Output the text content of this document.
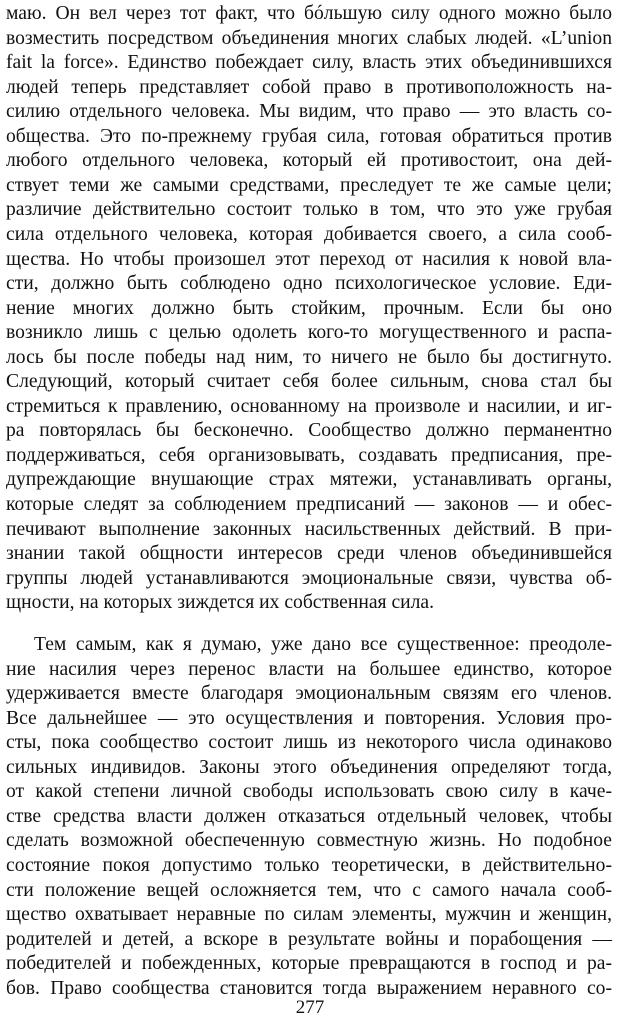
маю. Он вел через тот факт, что бóльшую силу одного можно было
возместить посредством объединения многих слабых людей. «L’union
fait la force». Единство побеждает силу, власть этих объединившихся
людей теперь представляет собой право в противоположность на-
силию отдельного человека. Мы видим, что право — это власть со-
общества. Это по-прежнему грубая сила, готовая обратиться против
любого отдельного человека, который ей противостоит, она дей-
ствует теми же самыми средствами, преследует те же самые цели;
различие действительно состоит только в том, что это уже грубая
сила отдельного человека, которая добивается своего, а сила сооб-
щества. Но чтобы произошел этот переход от насилия к новой вла-
сти, должно быть соблюдено одно психологическое условие. Еди-
нение многих должно быть стойким, прочным. Если бы оно
возникло лишь с целью одолеть кого-то могущественного и распа-
лось бы после победы над ним, то ничего не было бы достигнуто.
Следующий, который считает себя более сильным, снова стал бы
стремиться к правлению, основанному на произволе и насилии, и иг-
ра повторялась бы бесконечно. Сообщество должно перманентно
поддерживаться, себя организовывать, создавать предписания, пре-
дупреждающие внушающие страх мятежи, устанавливать органы,
которые следят за соблюдением предписаний — законов — и обес-
печивают выполнение законных насильственных действий. В при-
знании такой общности интересов среди членов объединившейся
группы людей устанавливаются эмоциональные связи, чувства об-
щности, на которых зиждется их собственная сила.
Тем самым, как я думаю, уже дано все существенное: преодоле-
ние насилия через перенос власти на большее единство, которое
удерживается вместе благодаря эмоциональным связям его членов.
Все дальнейшее — это осуществления и повторения. Условия про-
сты, пока сообщество состоит лишь из некоторого числа одинаково
сильных индивидов. Законы этого объединения определяют тогда,
от какой степени личной свободы использовать свою силу в каче-
стве средства власти должен отказаться отдельный человек, чтобы
сделать возможной обеспеченную совместную жизнь. Но подобное
состояние покоя допустимо только теоретически, в действительно-
сти положение вещей осложняется тем, что с самого начала сооб-
щество охватывает неравные по силам элементы, мужчин и женщин,
родителей и детей, а вскоре в результате войны и порабощения —
победителей и побежденных, которые превращаются в господ и ра-
бов. Право сообщества становится тогда выражением неравного со-
277
